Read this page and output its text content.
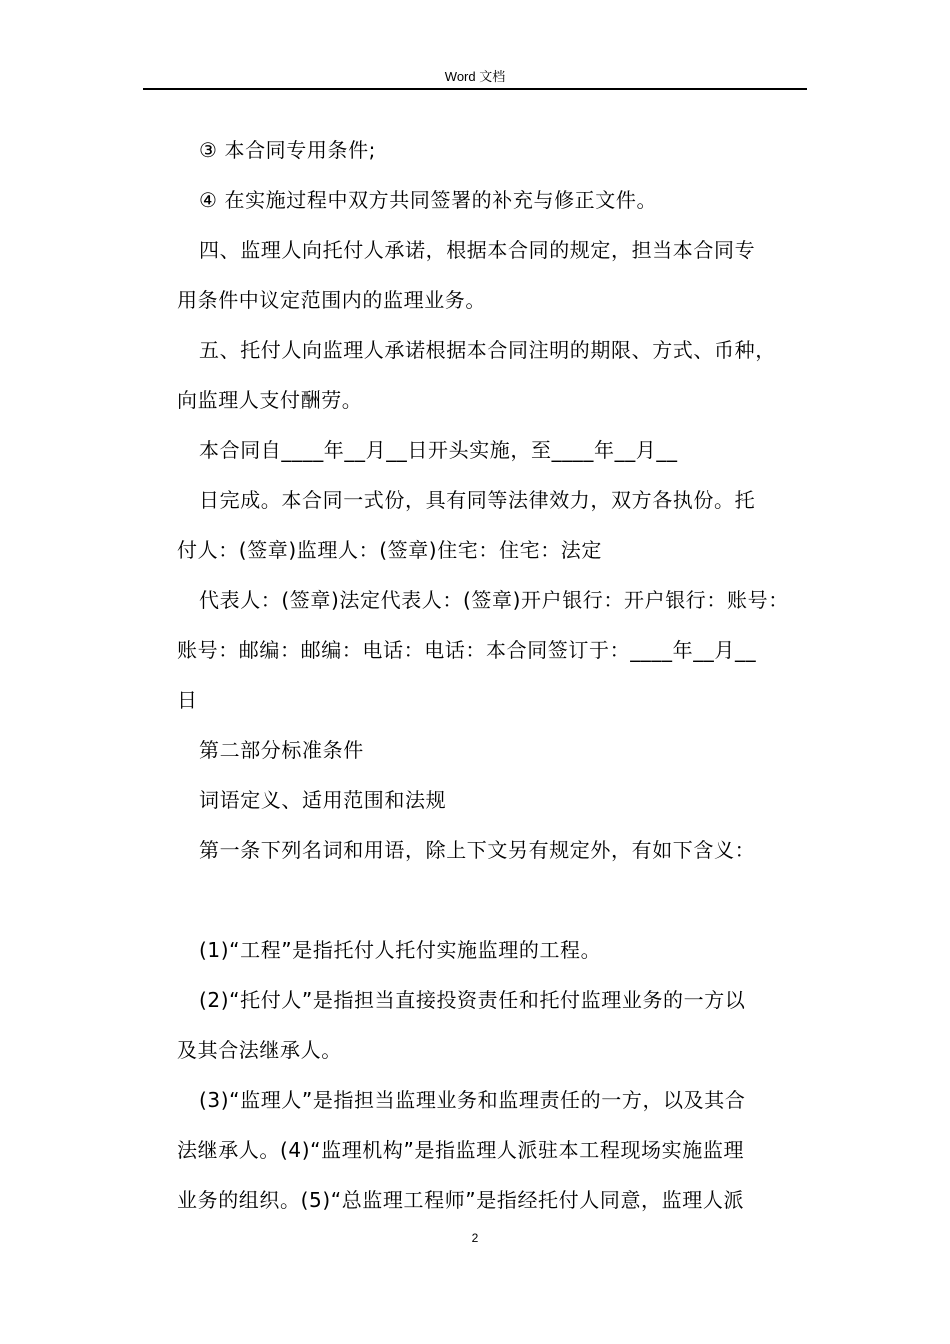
Word 文档
③ 本合同专用条件;
④ 在实施过程中双方共同签署的补充与修正文件。
四、监理人向托付人承诺，根据本合同的规定，担当本合同专
用条件中议定范围内的监理业务。
五、托付人向监理人承诺根据本合同注明的期限、方式、币种，
向监理人支付酬劳。
本合同自____年__月__日开头实施，至____年__月__
日完成。本合同一式份，具有同等法律效力，双方各执份。托
付人：(签章)监理人：(签章)住宅：住宅：法定
代表人：(签章)法定代表人：(签章)开户银行：开户银行：账号：
账号：邮编：邮编：电话：电话：本合同签订于：____年__月__
日
第二部分标准条件
词语定义、适用范围和法规
第一条下列名词和用语，除上下文另有规定外，有如下含义：
(1)“工程”是指托付人托付实施监理的工程。
(2)“托付人”是指担当直接投资责任和托付监理业务的一方以
及其合法继承人。
(3)“监理人”是指担当监理业务和监理责任的一方，以及其合
法继承人。(4)“监理机构”是指监理人派驻本工程现场实施监理
业务的组织。(5)“总监理工程师”是指经托付人同意，监理人派
2
